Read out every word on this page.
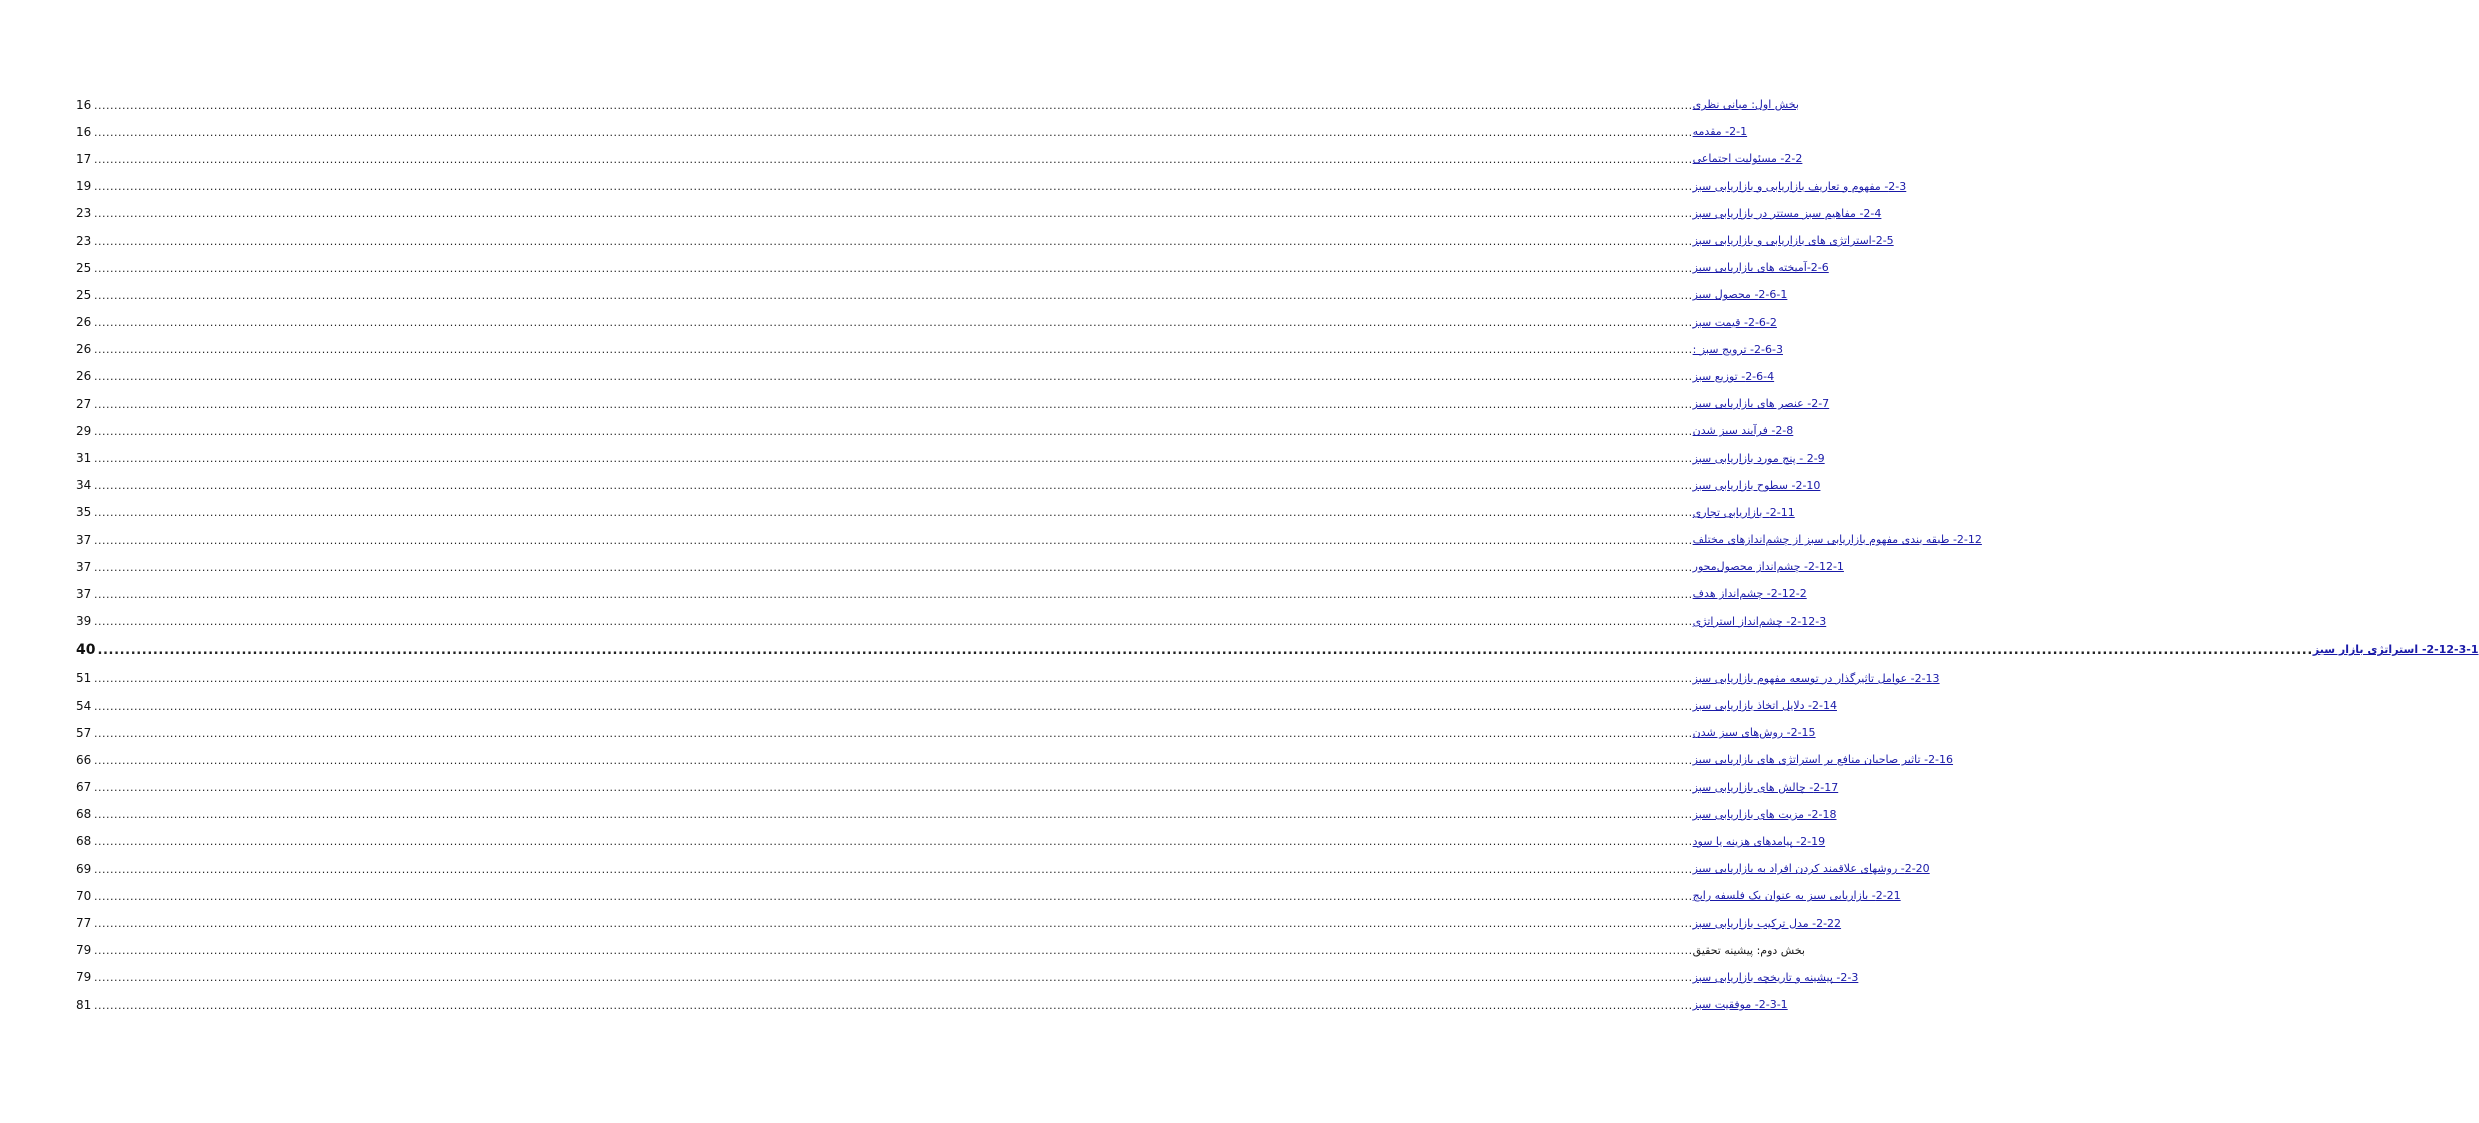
16 ................................................................................................................................................................................................................................................................................................................................................................................................................ بخش اول: مبانی نظری
16 ................................................................................................................................................................................................................................................................................................................................................................................................................ 2-1- مقدمه
17 ................................................................................................................................................................................................................................................................................................................................................................................................................ 2-2- مسئولیت اجتماعی
19 ................................................................................................................................................................................................................................................................................................................................................................................................................ 2-3- مفهوم و تعاریف بازاریابی و بازاریابی سبز
23 ................................................................................................................................................................................................................................................................................................................................................................................................................ 2-4- مفاهیم سبز مستتر در بازاریابی سبز
23 ................................................................................................................................................................................................................................................................................................................................................................................................................ 2-5-استراتژی های بازاریابی و بازاریابی سبز
25 ................................................................................................................................................................................................................................................................................................................................................................................................................ 2-6-آمیخته های بازاریابی سبز
25 ................................................................................................................................................................................................................................................................................................................................................................................................................ 2-6-1- محصول سبز
26 ................................................................................................................................................................................................................................................................................................................................................................................................................ 2-6-2- قیمت سبز
26 ................................................................................................................................................................................................................................................................................................................................................................................................................ 2-6-3- ترویج سبز :
26 ................................................................................................................................................................................................................................................................................................................................................................................................................ 2-6-4- توزیع سبز
27 ................................................................................................................................................................................................................................................................................................................................................................................................................ 2-7- عنصر های بازاریابی سبز
29 ................................................................................................................................................................................................................................................................................................................................................................................................................ 2-8- فرآیند سبز شدن
31 ................................................................................................................................................................................................................................................................................................................................................................................................................ 2-9 - پنج مورد بازاریابی سبز
34 ................................................................................................................................................................................................................................................................................................................................................................................................................ 2-10- سطوح بازاریابی سبز
35 ................................................................................................................................................................................................................................................................................................................................................................................................................ 2-11- بازاریابی تجاری
37 ................................................................................................................................................................................................................................................................................................................................................................................................................ 2-12- طبقه بندی مفهوم بازاریابی سبز از چشم‌اندازهای مختلف
37 ................................................................................................................................................................................................................................................................................................................................................................................................................ 2-12-1- چشم‌انداز محصول‌محور
37 ................................................................................................................................................................................................................................................................................................................................................................................................................ 2-12-2- چشم‌انداز هدف
39 ................................................................................................................................................................................................................................................................................................................................................................................................................ 2-12-3- چشم‌انداز استراتژی
40 ................................................................................................................................................................................................................................................................................................................................................................................................................ 2-12-3-1- استراتژی بازار سبز
51 ................................................................................................................................................................................................................................................................................................................................................................................................................ 2-13- عوامل تاثیرگذار در توسعه مفهوم بازاریابی سبز
54 ................................................................................................................................................................................................................................................................................................................................................................................................................ 2-14- دلایل اتخاذ بازاریابی سبز
57 ................................................................................................................................................................................................................................................................................................................................................................................................................ 2-15- روش‌های سبز شدن
66 ................................................................................................................................................................................................................................................................................................................................................................................................................ 2-16- تاثیر صاحبان منافع بر استراتژی های بازاریابی سبز
67 ................................................................................................................................................................................................................................................................................................................................................................................................................ 2-17- چالش های بازاریابی سبز
68 ................................................................................................................................................................................................................................................................................................................................................................................................................ 2-18- مزیت های بازاریابی سبز
68 ................................................................................................................................................................................................................................................................................................................................................................................................................ 2-19- پیامدهای هزینه یا سود
69 ................................................................................................................................................................................................................................................................................................................................................................................................................ 2-20- روشهای علاقمند کردن افراد به بازاریابی سبز
70 ................................................................................................................................................................................................................................................................................................................................................................................................................ 2-21- بازاریابی سبز به عنوان یک فلسفه رایج
77 ................................................................................................................................................................................................................................................................................................................................................................................................................ 2-22- مدل ترکیب بازاریابی سبز
79 ................................................................................................................................................................................................................................................................................................................................................................................................................ بخش دوم: پیشینه تحقیق
79 ................................................................................................................................................................................................................................................................................................................................................................................................................ 2-3- پیشینه و تاریخچه بازاریابی سبز
81 ................................................................................................................................................................................................................................................................................................................................................................................................................ 2-3-1- موفقیت سبز
